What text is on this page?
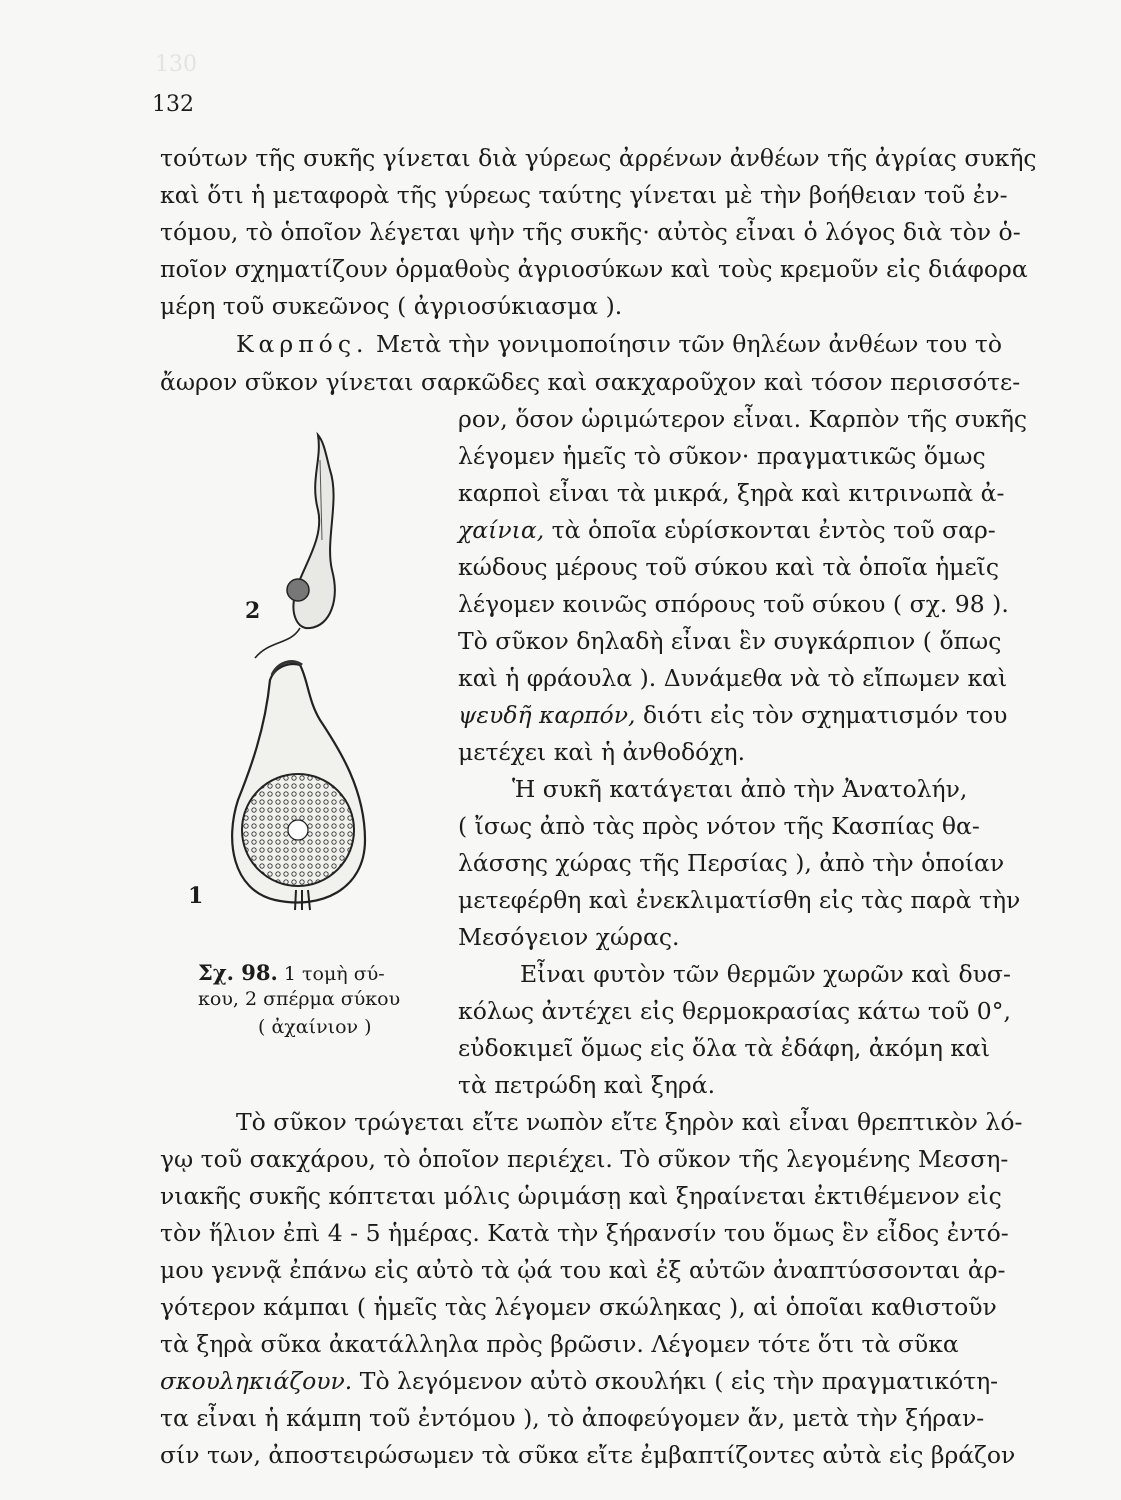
130
132
τούτων τῆς συκῆς γίνεται διὰ γύρεως ἀρρένων ἀνθέων τῆς ἀγρίας συκῆς
καὶ ὅτι ἡ μεταφορὰ τῆς γύρεως ταύτης γίνεται μὲ τὴν βοήθειαν τοῦ ἐν-
τόμου, τὸ ὁποῖον λέγεται ψὴν τῆς συκῆς· αὐτὸς εἶναι ὁ λόγος διὰ τὸν ὁ-
ποῖον σχηματίζουν ὁρμαθοὺς ἀγριοσύκων καὶ τοὺς κρεμοῦν εἰς διάφορα
μέρη τοῦ συκεῶνος ( ἀγριοσύκιασμα ).
Καρπός. Μετὰ τὴν γονιμοποίησιν τῶν θηλέων ἀνθέων του τὸ
ἄωρον σῦκον γίνεται σαρκῶδες καὶ σακχαροῦχον καὶ τόσον περισσότε-
ρον, ὅσον ὡριμώτερον εἶναι. Καρπὸν τῆς συκῆς
λέγομεν ἡμεῖς τὸ σῦκον· πραγματικῶς ὅμως
καρποὶ εἶναι τὰ μικρά, ξηρὰ καὶ κιτρινωπὰ ἀ-
χαίνια, τὰ ὁποῖα εὑρίσκονται ἐντὸς τοῦ σαρ-
κώδους μέρους τοῦ σύκου καὶ τὰ ὁποῖα ἡμεῖς
λέγομεν κοινῶς σπόρους τοῦ σύκου ( σχ. 98 ).
Τὸ σῦκον δηλαδὴ εἶναι ἓν συγκάρπιον ( ὅπως
καὶ ἡ φράουλα ). Δυνάμεθα νὰ τὸ εἴπωμεν καὶ
ψευδῆ καρπόν, διότι εἰς τὸν σχηματισμόν του
μετέχει καὶ ἡ ἀνθοδόχη.
Ἡ συκῆ κατάγεται ἀπὸ τὴν Ἀνατολήν,
( ἴσως ἀπὸ τὰς πρὸς νότον τῆς Κασπίας θα-
λάσσης χώρας τῆς Περσίας ), ἀπὸ τὴν ὁποίαν
μετεφέρθη καὶ ἐνεκλιματίσθη εἰς τὰς παρὰ τὴν
Μεσόγειον χώρας.
Εἶναι φυτὸν τῶν θερμῶν χωρῶν καὶ δυσ-
κόλως ἀντέχει εἰς θερμοκρασίας κάτω τοῦ 0°,
εὐδοκιμεῖ ὅμως εἰς ὅλα τὰ ἐδάφη, ἀκόμη καὶ
τὰ πετρώδη καὶ ξηρά.
2
1
Σχ. 98. 1 τομὴ σύ-
κου, 2 σπέρμα σύκου
( ἀχαίνιον )
Τὸ σῦκον τρώγεται εἴτε νωπὸν εἴτε ξηρὸν καὶ εἶναι θρεπτικὸν λό-
γῳ τοῦ σακχάρου, τὸ ὁποῖον περιέχει. Τὸ σῦκον τῆς λεγομένης Μεσση-
νιακῆς συκῆς κόπτεται μόλις ὡριμάσῃ καὶ ξηραίνεται ἐκτιθέμενον εἰς
τὸν ἥλιον ἐπὶ 4 - 5 ἡμέρας. Κατὰ τὴν ξήρανσίν του ὅμως ἓν εἶδος ἐντό-
μου γεννᾷ ἐπάνω εἰς αὐτὸ τὰ ᾠά του καὶ ἐξ αὐτῶν ἀναπτύσσονται ἀρ-
γότερον κάμπαι ( ἡμεῖς τὰς λέγομεν σκώληκας ), αἱ ὁποῖαι καθιστοῦν
τὰ ξηρὰ σῦκα ἀκατάλληλα πρὸς βρῶσιν. Λέγομεν τότε ὅτι τὰ σῦκα
σκουληκιάζουν. Τὸ λεγόμενον αὐτὸ σκουλήκι ( εἰς τὴν πραγματικότη-
τα εἶναι ἡ κάμπη τοῦ ἐντόμου ), τὸ ἀποφεύγομεν ἄν, μετὰ τὴν ξήραν-
σίν των, ἀποστειρώσωμεν τὰ σῦκα εἴτε ἐμβαπτίζοντες αὐτὰ εἰς βράζον
